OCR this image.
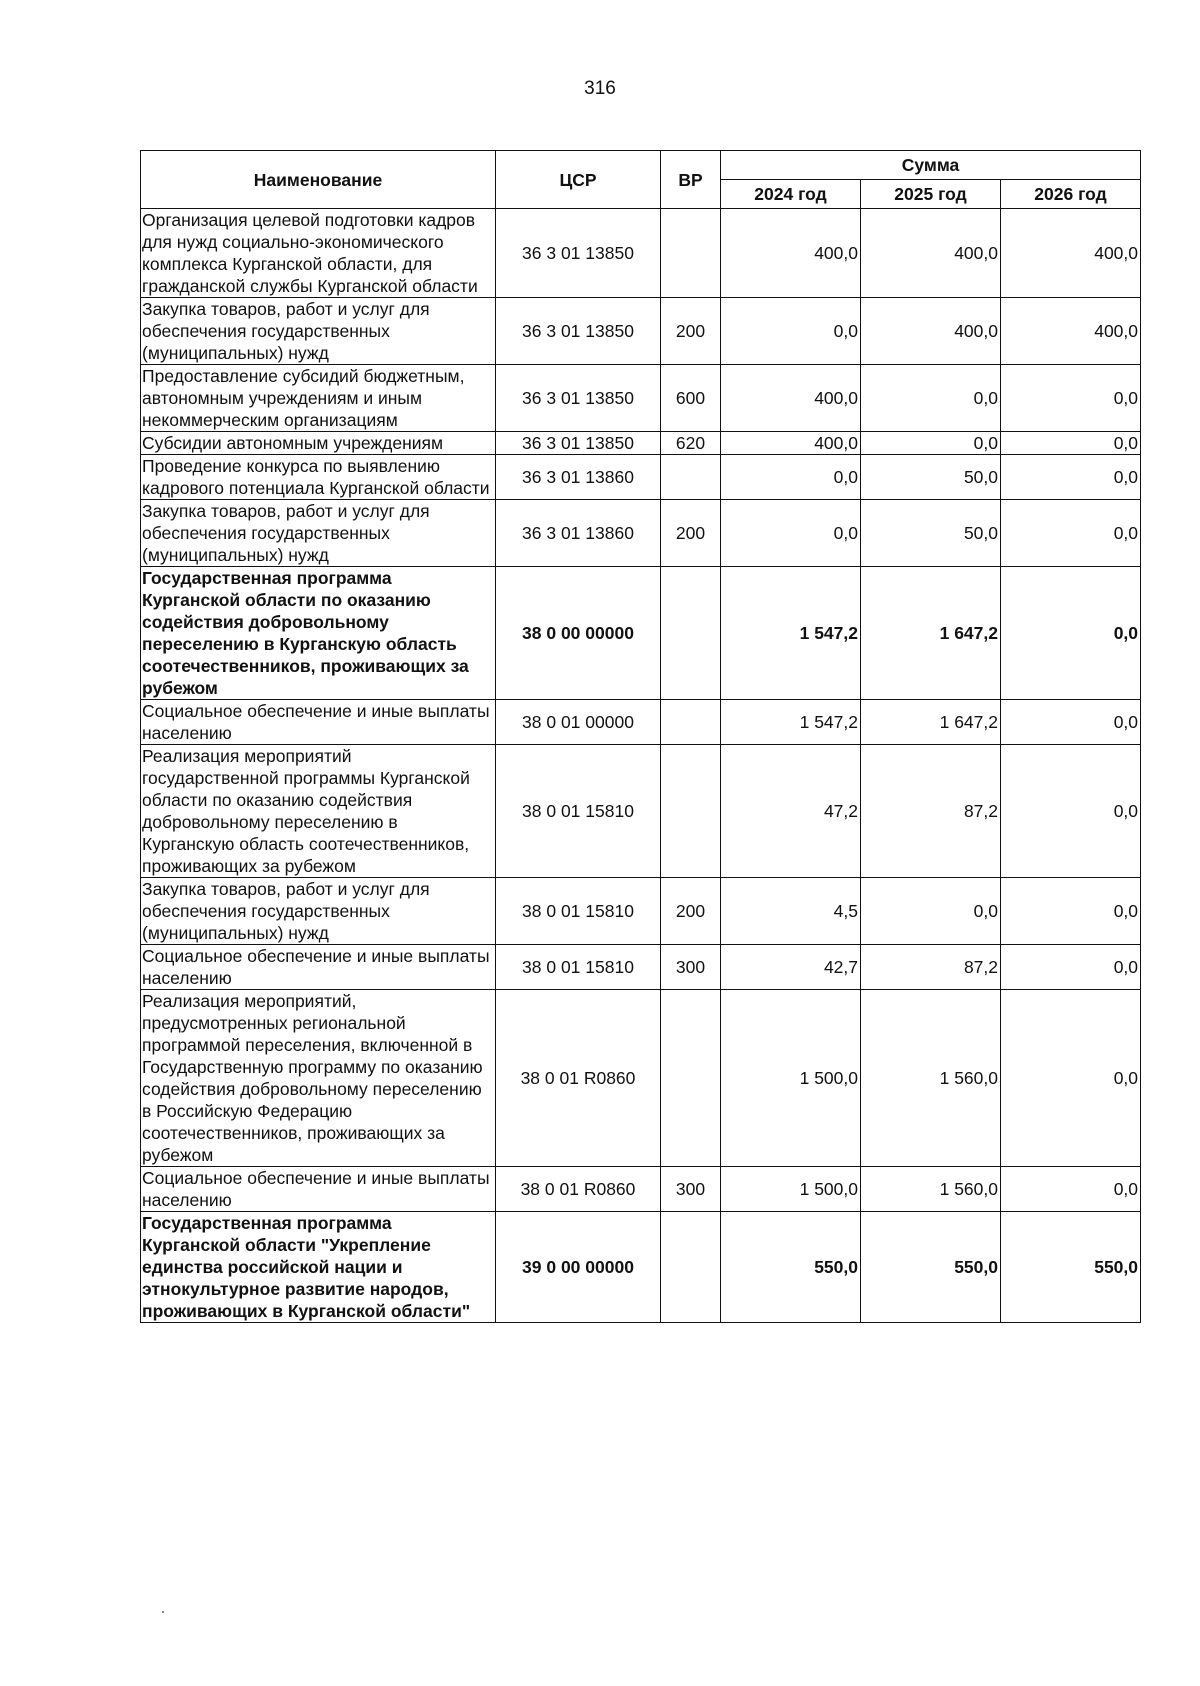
316
Наименование	ЦСР	ВР	Сумма		
			2024 год	2025 год	2026 год
Организация целевой подготовки кадров для нужд социально-экономического комплекса Курганской области, для гражданской службы Курганской области	36 3 01 13850		400,0	400,0	400,0
Закупка товаров, работ и услуг для обеспечения государственных (муниципальных) нужд	36 3 01 13850	200	0,0	400,0	400,0
Предоставление субсидий бюджетным, автономным учреждениям и иным некоммерческим организациям	36 3 01 13850	600	400,0	0,0	0,0
Субсидии автономным учреждениям	36 3 01 13850	620	400,0	0,0	0,0
Проведение конкурса по выявлению кадрового потенциала Курганской области	36 3 01 13860		0,0	50,0	0,0
Закупка товаров, работ и услуг для обеспечения государственных (муниципальных) нужд	36 3 01 13860	200	0,0	50,0	0,0
Государственная программа Курганской области по оказанию содействия добровольному переселению в Курганскую область соотечественников, проживающих за рубежом	38 0 00 00000		1 547,2	1 647,2	0,0
Социальное обеспечение и иные выплаты населению	38 0 01 00000		1 547,2	1 647,2	0,0
Реализация мероприятий государственной программы Курганской области по оказанию содействия добровольному переселению в Курганскую область соотечественников, проживающих за рубежом	38 0 01 15810		47,2	87,2	0,0
Закупка товаров, работ и услуг для обеспечения государственных (муниципальных) нужд	38 0 01 15810	200	4,5	0,0	0,0
Социальное обеспечение и иные выплаты населению	38 0 01 15810	300	42,7	87,2	0,0
Реализация мероприятий, предусмотренных региональной программой переселения, включенной в Государственную программу по оказанию содействия добровольному переселению в Российскую Федерацию соотечественников, проживающих за рубежом	38 0 01 R0860		1 500,0	1 560,0	0,0
Социальное обеспечение и иные выплаты населению	38 0 01 R0860	300	1 500,0	1 560,0	0,0
Государственная программа Курганской области "Укрепление единства российской нации и этнокультурное развитие народов, проживающих в Курганской области"	39 0 00 00000		550,0	550,0	550,0
